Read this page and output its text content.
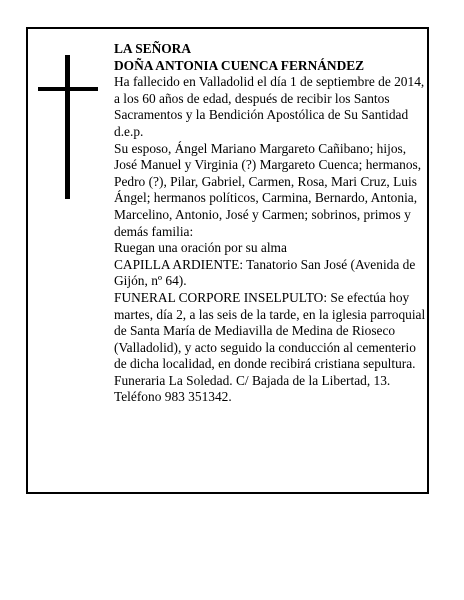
LA SEÑORA

DOÑA ANTONIA CUENCA FERNÁNDEZ

Ha fallecido en Valladolid el día 1 de septiembre de 2014, a los 60 años de edad, después de recibir los Santos Sacramentos y la Bendición Apostólica de Su Santidad

d.e.p.

Su esposo, Ángel Mariano Margareto Cañibano; hijos, José Manuel y Virginia (?) Margareto Cuenca; hermanos, Pedro (?), Pilar, Gabriel, Carmen, Rosa, Mari Cruz, Luis Ángel; hermanos políticos, Carmina, Bernardo, Antonia, Marcelino, Antonio, José y Carmen; sobrinos, primos y demás familia:

Ruegan una oración por su alma

CAPILLA ARDIENTE: Tanatorio San José (Avenida de Gijón, nº 64).

FUNERAL CORPORE INSELPULTO: Se efectúa hoy martes, día 2, a las seis de la tarde, en la iglesia parroquial de Santa María de Mediavilla de Medina de Rioseco (Valladolid), y acto seguido la conducción al cementerio de dicha localidad, en donde recibirá cristiana sepultura.

Funeraria La Soledad. C/ Bajada de la Libertad, 13. Teléfono 983 351342.
